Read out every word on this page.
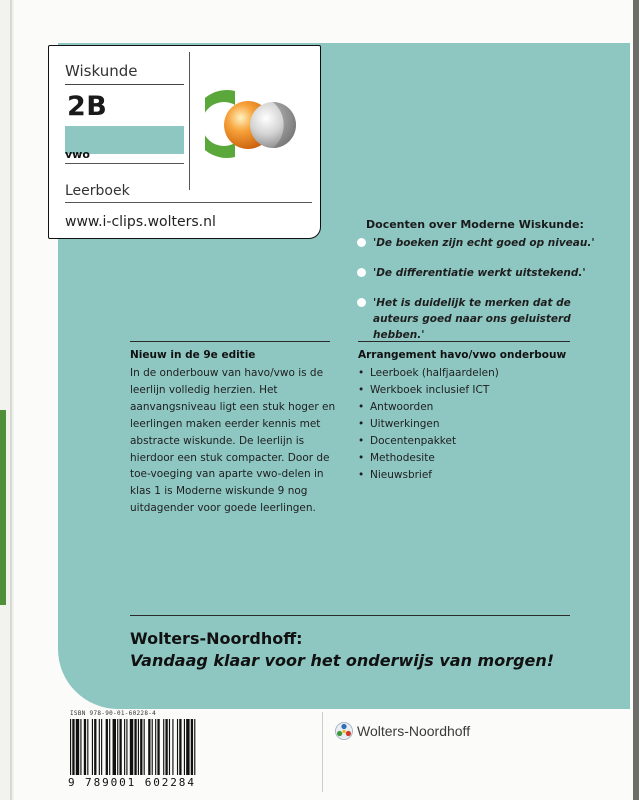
Wiskunde
2B
vwo
Leerboek
www.i-clips.wolters.nl	Docenten over Moderne Wiskunde:
'De boeken zijn echt goed op niveau.'
'De differentiatie werkt uitstekend.'
'Het is duidelijk te merken dat de auteurs goed naar ons geluisterd hebben.'
Nieuw in de 9e editie
In de onderbouw van havo/vwo is de leerlijn volledig herzien. Het aanvangsniveau ligt een stuk hoger en leerlingen maken eerder kennis met abstracte wiskunde. De leerlijn is hierdoor een stuk compacter. Door de toe-voeging van aparte vwo-delen in klas 1 is Moderne wiskunde 9 nog uitdagender voor goede leerlingen.
Arrangement havo/vwo onderbouw
• Leerboek (halfjaardelen)
• Werkboek inclusief ICT
• Antwoorden
• Uitwerkingen
• Docentenpakket
• Methodesite
• Nieuwsbrief
Wolters-Noordhoff:
Vandaag klaar voor het onderwijs van morgen!
ISBN 978-90-01-60228-4
9 789001 602284
Wolters-Noordhoff
